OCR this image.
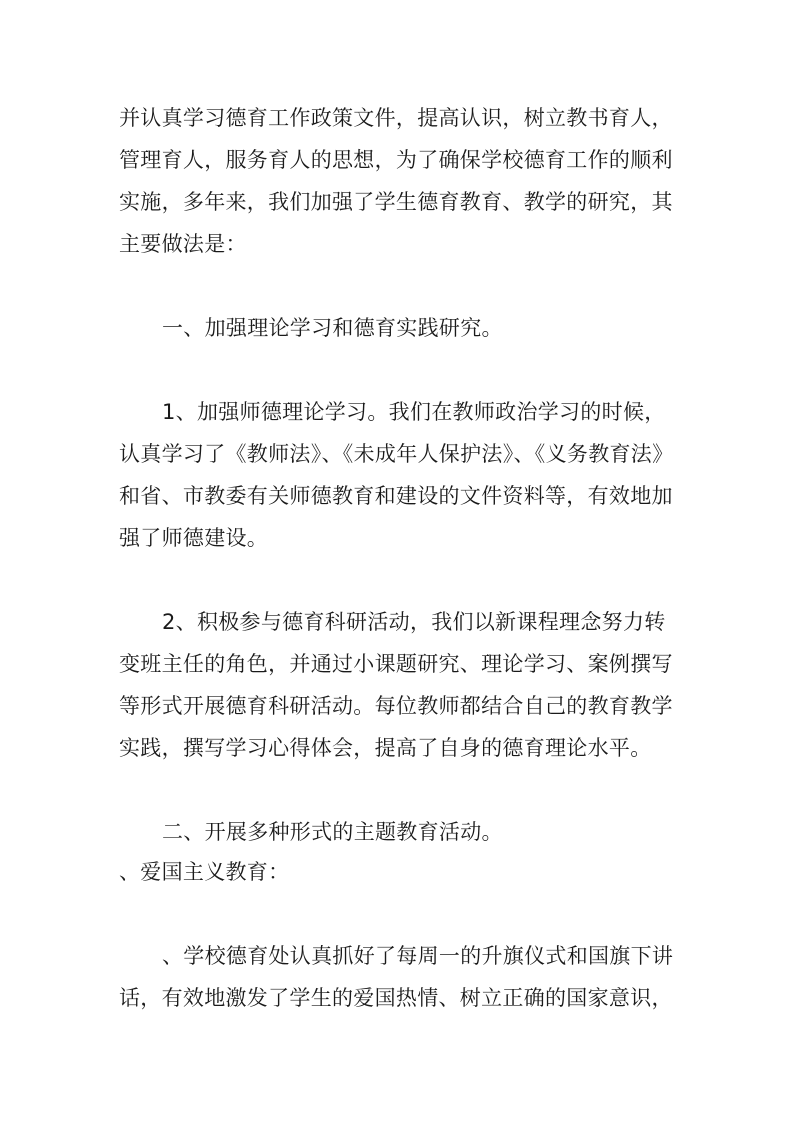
并认真学习德育工作政策文件，提高认识，树立教书育人，
管理育人，服务育人的思想，为了确保学校德育工作的顺利
实施，多年来，我们加强了学生德育教育、教学的研究，其
主要做法是：
一、加强理论学习和德育实践研究。
1、加强师德理论学习。我们在教师政治学习的时候，
认真学习了《教师法》、《未成年人保护法》、《义务教育法》
和省、市教委有关师德教育和建设的文件资料等，有效地加
强了师德建设。
2、积极参与德育科研活动，我们以新课程理念努力转
变班主任的角色，并通过小课题研究、理论学习、案例撰写
等形式开展德育科研活动。每位教师都结合自己的教育教学
实践，撰写学习心得体会，提高了自身的德育理论水平。
二、开展多种形式的主题教育活动。
、爱国主义教育：
、学校德育处认真抓好了每周一的升旗仪式和国旗下讲
话，有效地激发了学生的爱国热情、树立正确的国家意识，
